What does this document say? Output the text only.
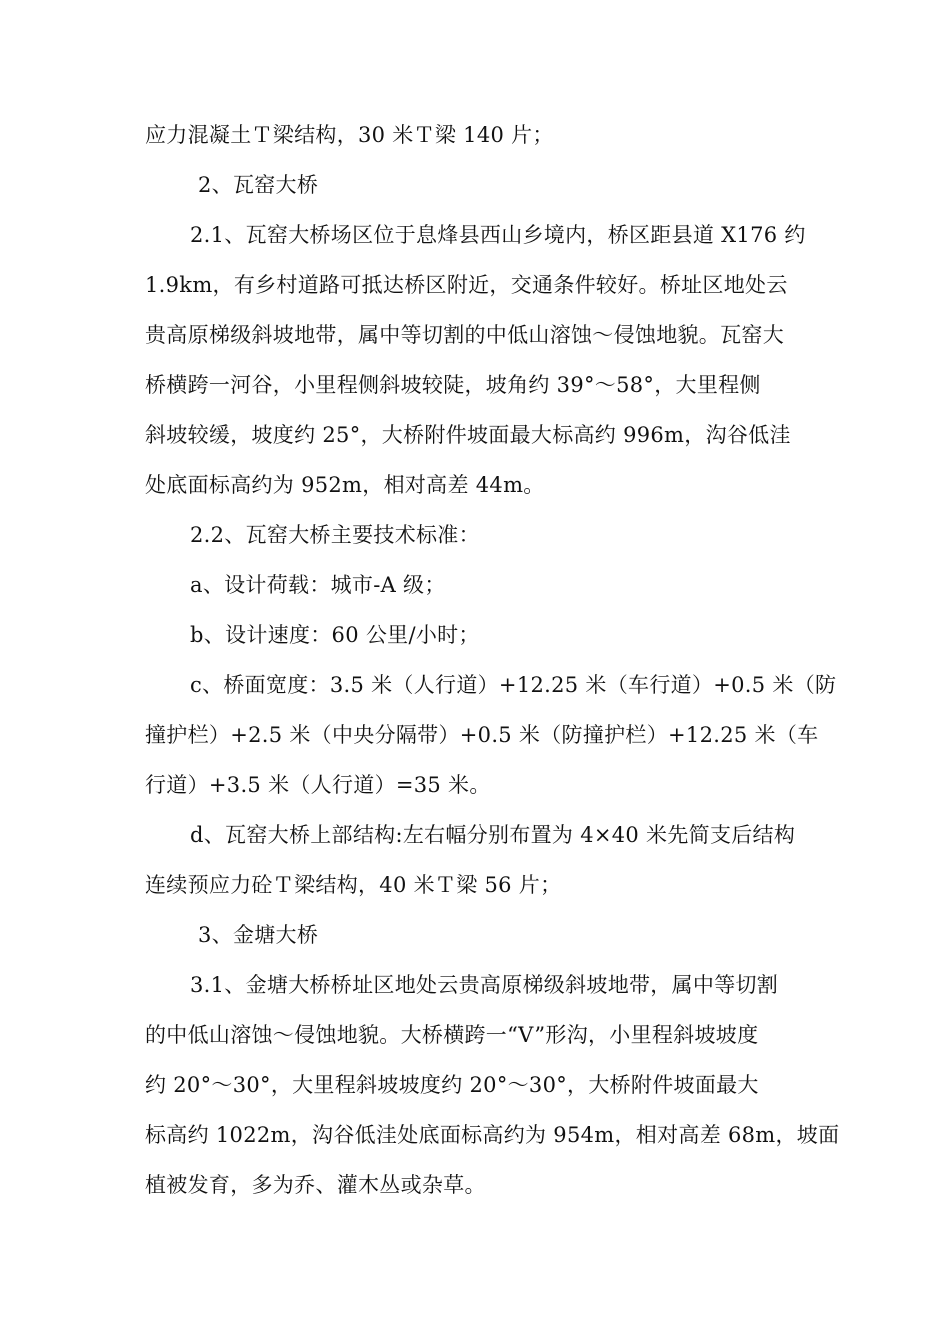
应力混凝土Ｔ梁结构，30 米Ｔ梁 140 片；
2、瓦窑大桥
2.1、瓦窑大桥场区位于息烽县西山乡境内，桥区距县道 X176 约
1.9km，有乡村道路可抵达桥区附近，交通条件较好。桥址区地处云
贵高原梯级斜坡地带，属中等切割的中低山溶蚀～侵蚀地貌。瓦窑大
桥横跨一河谷，小里程侧斜坡较陡，坡角约 39°～58°，大里程侧
斜坡较缓，坡度约 25°，大桥附件坡面最大标高约 996m，沟谷低洼
处底面标高约为 952m，相对高差 44m。
2.2、瓦窑大桥主要技术标准：
a、设计荷载：城市-A 级；
b、设计速度：60 公里/小时；
c、桥面宽度：3.5 米（人行道）+12.25 米（车行道）+0.5 米（防
撞护栏）+2.5 米（中央分隔带）+0.5 米（防撞护栏）+12.25 米（车
行道）+3.5 米（人行道）=35 米。
d、瓦窑大桥上部结构:左右幅分别布置为 4×40 米先简支后结构
连续预应力砼Ｔ梁结构，40 米Ｔ梁 56 片；
3、金塘大桥
3.1、金塘大桥桥址区地处云贵高原梯级斜坡地带，属中等切割
的中低山溶蚀～侵蚀地貌。大桥横跨一“V”形沟，小里程斜坡坡度
约 20°～30°，大里程斜坡坡度约 20°～30°，大桥附件坡面最大
标高约 1022m，沟谷低洼处底面标高约为 954m，相对高差 68m，坡面
植被发育，多为乔、灌木丛或杂草。
